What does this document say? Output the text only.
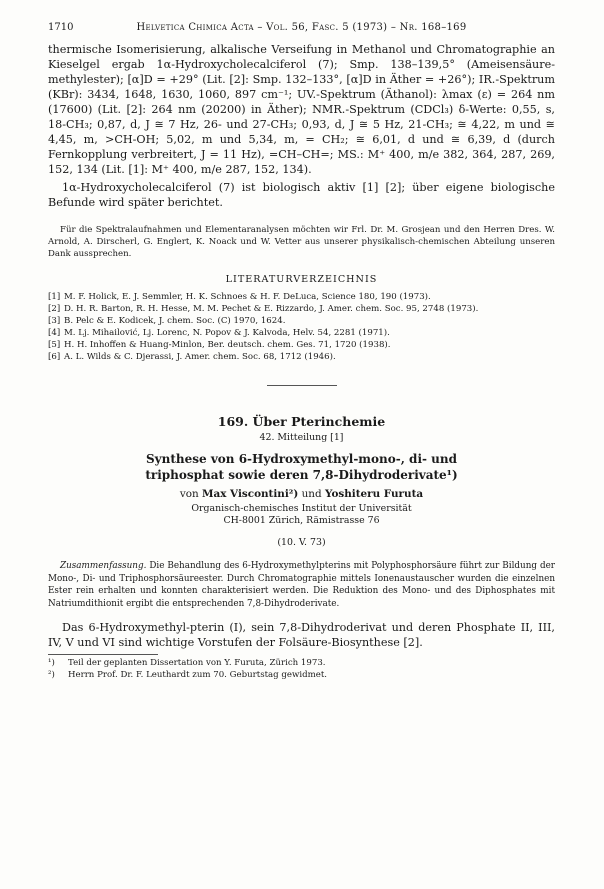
1710	Helvetica Chimica Acta – Vol. 56, Fasc. 5 (1973) – Nr. 168–169

thermische Isomerisierung, alkalische Verseifung in Methanol und Chromatographie an Kieselgel ergab 1α-Hydroxycholecalciferol (7); Smp. 138–139,5° (Ameisensäure-methylester); [α]D = +29° (Lit. [2]: Smp. 132–133°, [α]D in Äther = +26°); IR.-Spektrum (KBr): 3434, 1648, 1630, 1060, 897 cm⁻¹; UV.-Spektrum (Äthanol): λmax (ε) = 264 nm (17600) (Lit. [2]: 264 nm (20200) in Äther); NMR.-Spektrum (CDCl₃) δ-Werte: 0,55, s, 18-CH₃; 0,87, d, J ≅ 7 Hz, 26- und 27-CH₃; 0,93, d, J ≅ 5 Hz, 21-CH₃; ≅ 4,22, m und ≅ 4,45, m, >CH-OH; 5,02, m und 5,34, m, = CH₂; ≅ 6,01, d und ≅ 6,39, d (durch Fernkopplung verbreitert, J = 11 Hz), =CH–CH=; MS.: M⁺ 400, m/e 382, 364, 287, 269, 152, 134 (Lit. [1]: M⁺ 400, m/e 287, 152, 134).

1α-Hydroxycholecalciferol (7) ist biologisch aktiv [1] [2]; über eigene biologische Befunde wird später berichtet.

Für die Spektralaufnahmen und Elementaranalysen möchten wir Frl. Dr. M. Grosjean und den Herren Dres. W. Arnold, A. Dirscherl, G. Englert, K. Noack und W. Vetter aus unserer physikalisch-chemischen Abteilung unseren Dank aussprechen.
LITERATURVERZEICHNIS
[1] M. F. Holick, E. J. Semmler, H. K. Schnoes & H. F. DeLuca, Science 180, 190 (1973).
[2] D. H. R. Barton, R. H. Hesse, M. M. Pechet & E. Rizzardo, J. Amer. chem. Soc. 95, 2748 (1973).
[3] B. Pelc & E. Kodicek, J. chem. Soc. (C) 1970, 1624.
[4] M. Lj. Mihailović, Lj. Lorenc, N. Popov & J. Kalvoda, Helv. 54, 2281 (1971).
[5] H. H. Inhoffen & Huang-Minlon, Ber. deutsch. chem. Ges. 71, 1720 (1938).
[6] A. L. Wilds & C. Djerassi, J. Amer. chem. Soc. 68, 1712 (1946).
169. Über Pterinchemie
42. Mitteilung [1]
Synthese von 6-Hydroxymethyl-mono-, di- und
triphosphat sowie deren 7,8-Dihydroderivate¹)
von Max Viscontini²) und Yoshiteru Furuta
Organisch-chemisches Institut der Universität
CH-8001 Zürich, Rämistrasse 76
(10. V. 73)
Zusammenfassung. Die Behandlung des 6-Hydroxymethylpterins mit Polyphosphorsäure führt zur Bildung der Mono-, Di- und Triphosphorsäureester. Durch Chromatographie mittels Ionenaustauscher wurden die einzelnen Ester rein erhalten und konnten charakterisiert werden. Die Reduktion des Mono- und des Diphosphates mit Natriumdithionit ergibt die entsprechenden 7,8-Dihydroderivate.
Das 6-Hydroxymethyl-pterin (I), sein 7,8-Dihydroderivat und deren Phosphate II, III, IV, V und VI sind wichtige Vorstufen der Folsäure-Biosynthese [2].
¹) Teil der geplanten Dissertation von Y. Furuta, Zürich 1973.
²) Herrn Prof. Dr. F. Leuthardt zum 70. Geburtstag gewidmet.
